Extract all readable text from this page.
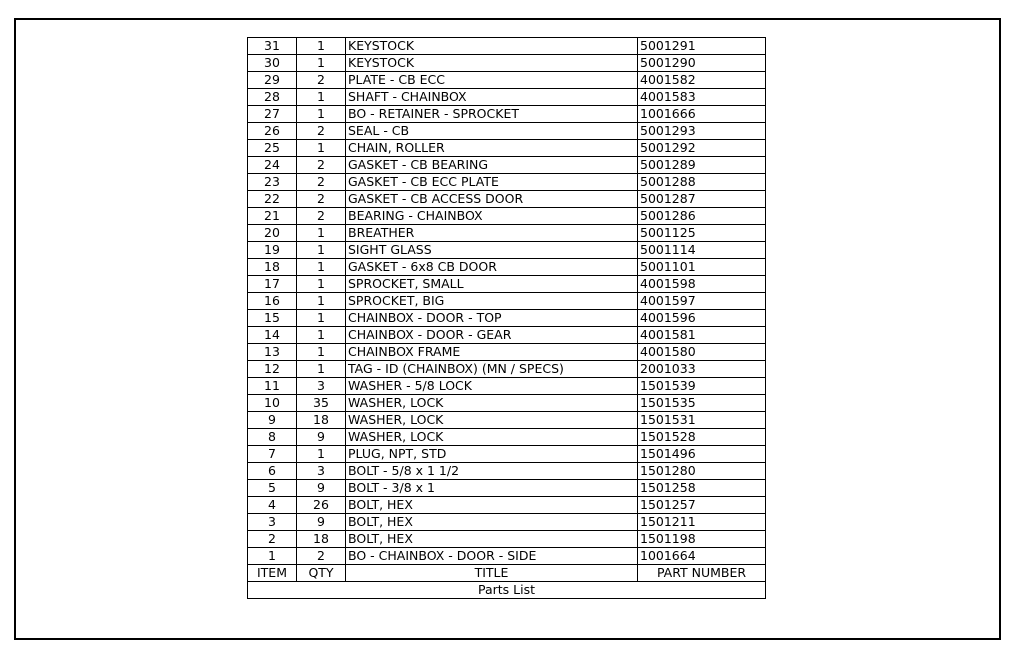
31	1	KEYSTOCK	5001291
30	1	KEYSTOCK	5001290
29	2	PLATE - CB ECC	4001582
28	1	SHAFT - CHAINBOX	4001583
27	1	BO - RETAINER - SPROCKET	1001666
26	2	SEAL - CB	5001293
25	1	CHAIN, ROLLER	5001292
24	2	GASKET - CB BEARING	5001289
23	2	GASKET - CB ECC PLATE	5001288
22	2	GASKET - CB ACCESS DOOR	5001287
21	2	BEARING - CHAINBOX	5001286
20	1	BREATHER	5001125
19	1	SIGHT GLASS	5001114
18	1	GASKET - 6x8 CB DOOR	5001101
17	1	SPROCKET, SMALL	4001598
16	1	SPROCKET, BIG	4001597
15	1	CHAINBOX - DOOR - TOP	4001596
14	1	CHAINBOX - DOOR - GEAR	4001581
13	1	CHAINBOX FRAME	4001580
12	1	TAG - ID (CHAINBOX) (MN / SPECS)	2001033
11	3	WASHER - 5/8 LOCK	1501539
10	35	WASHER, LOCK	1501535
9	18	WASHER, LOCK	1501531
8	9	WASHER, LOCK	1501528
7	1	PLUG, NPT, STD	1501496
6	3	BOLT - 5/8 x 1 1/2	1501280
5	9	BOLT - 3/8 x 1	1501258
4	26	BOLT, HEX	1501257
3	9	BOLT, HEX	1501211
2	18	BOLT, HEX	1501198
1	2	BO - CHAINBOX - DOOR - SIDE	1001664
ITEM	QTY	TITLE	PART NUMBER
Parts List			
